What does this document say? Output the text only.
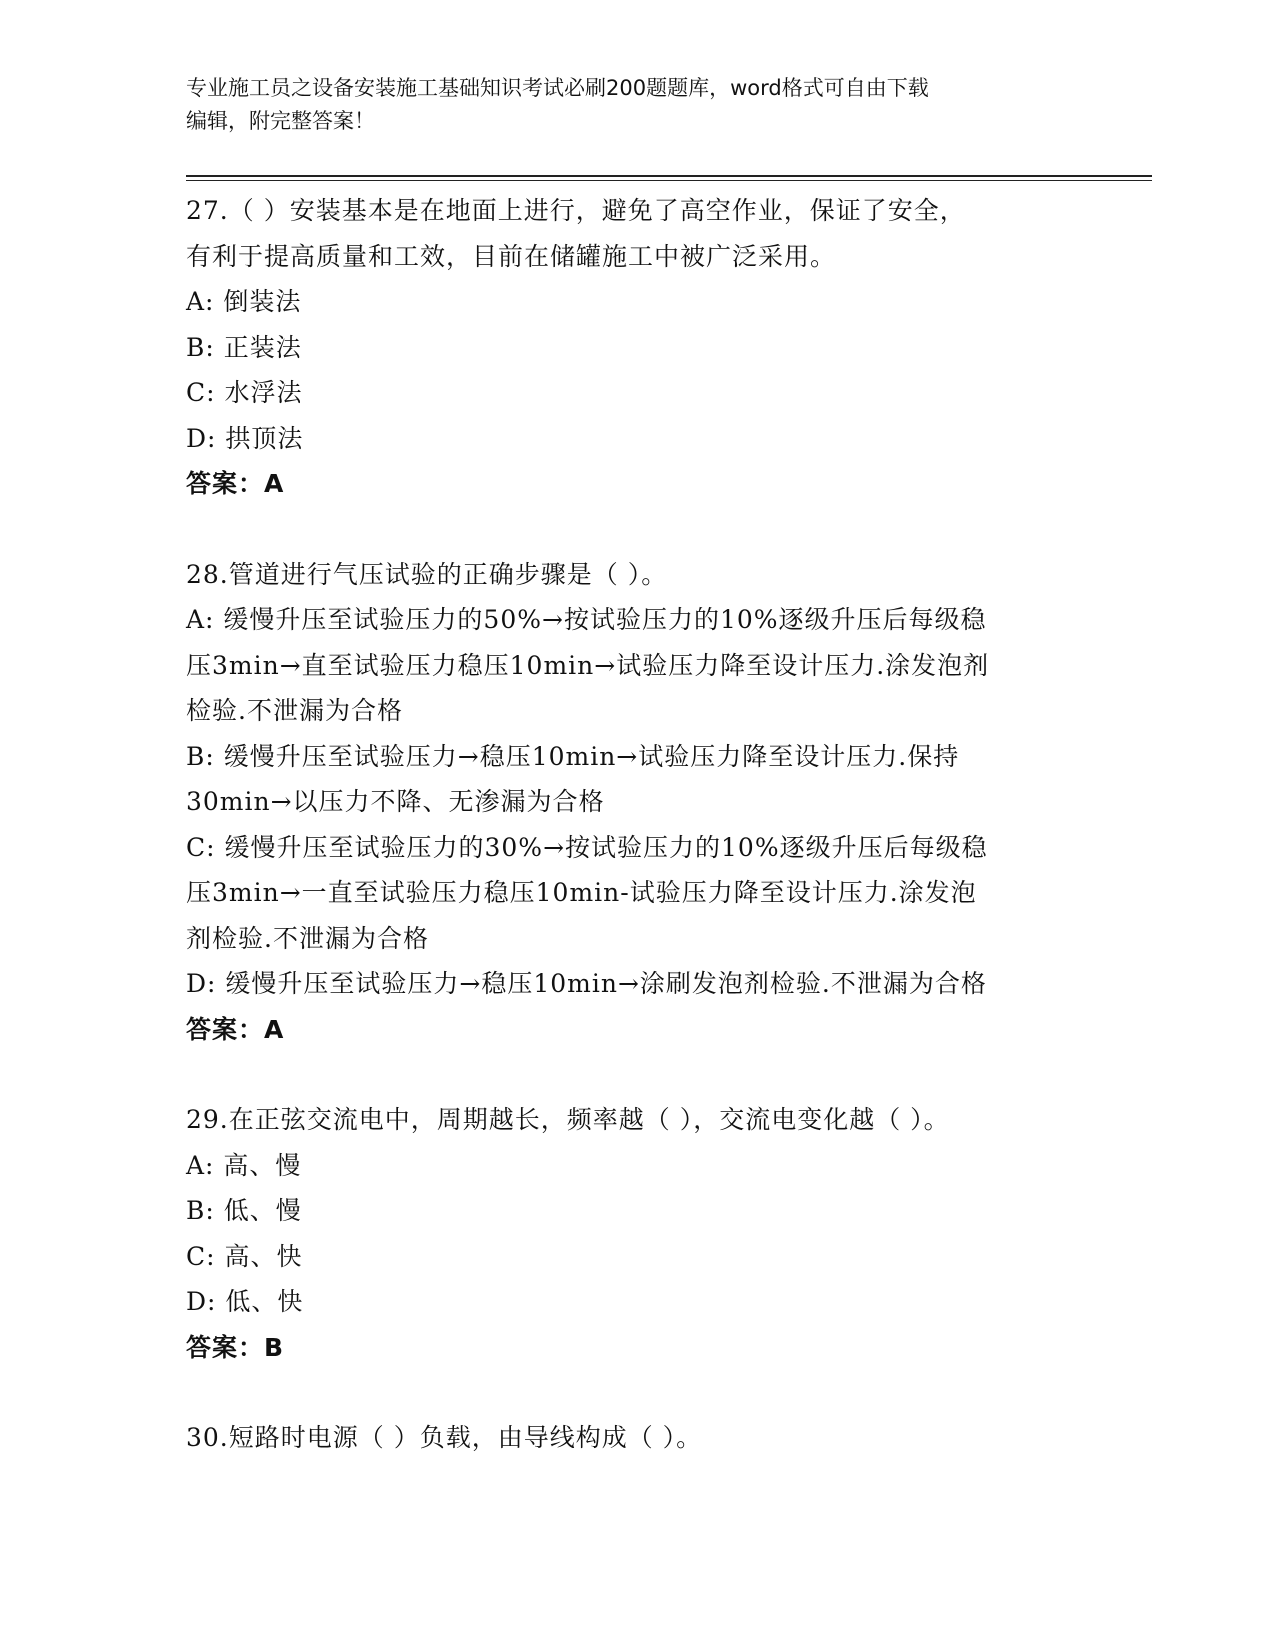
专业施工员之设备安装施工基础知识考试必刷200题题库，word格式可自由下载
编辑，附完整答案！
27.（ ）安装基本是在地面上进行，避免了高空作业，保证了安全，
有利于提高质量和工效，目前在储罐施工中被广泛采用。
A: 倒装法
B: 正装法
C: 水浮法
D: 拱顶法
答案：A
28.管道进行气压试验的正确步骤是（ ）。
A: 缓慢升压至试验压力的50%→按试验压力的10%逐级升压后每级稳
压3min→直至试验压力稳压10min→试验压力降至设计压力.涂发泡剂
检验.不泄漏为合格
B: 缓慢升压至试验压力→稳压10min→试验压力降至设计压力.保持
30min→以压力不降、无渗漏为合格
C: 缓慢升压至试验压力的30%→按试验压力的10%逐级升压后每级稳
压3min→一直至试验压力稳压10min-试验压力降至设计压力.涂发泡
剂检验.不泄漏为合格
D: 缓慢升压至试验压力→稳压10min→涂刷发泡剂检验.不泄漏为合格
答案：A
29.在正弦交流电中，周期越长，频率越（ ），交流电变化越（ ）。
A: 高、慢
B: 低、慢
C: 高、快
D: 低、快
答案：B
30.短路时电源（ ）负载，由导线构成（ ）。
